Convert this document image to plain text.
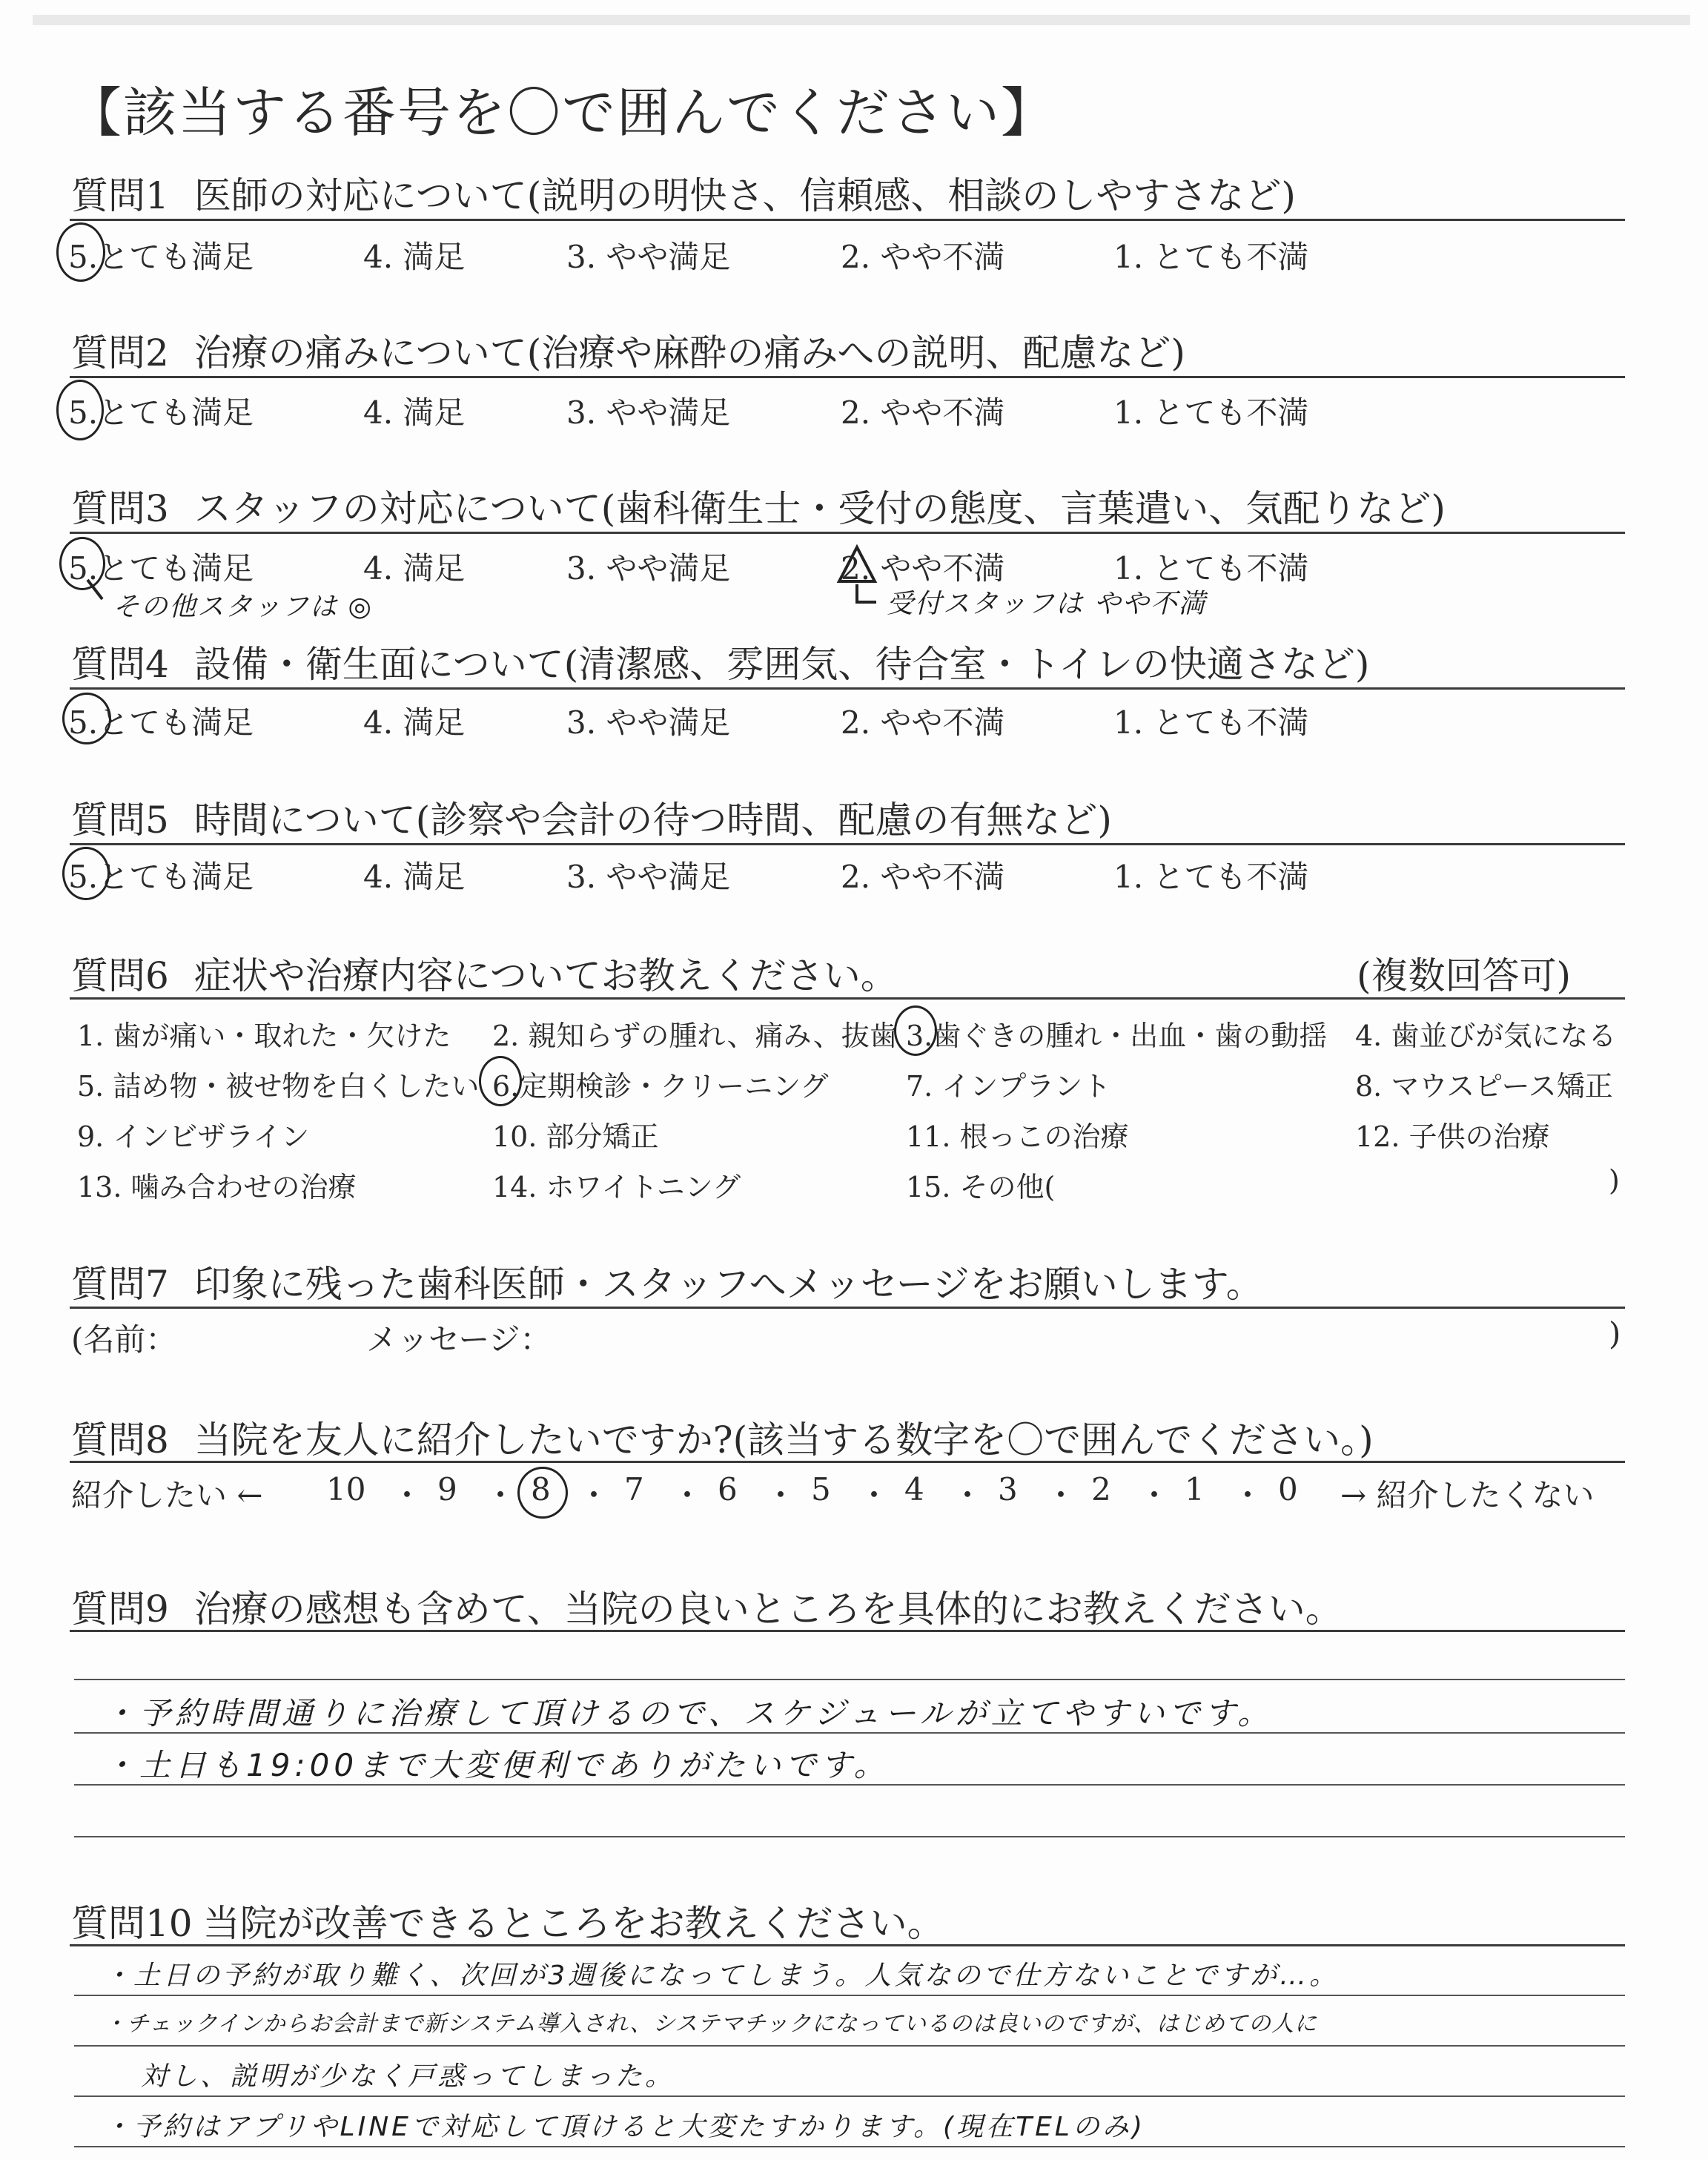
【該当する番号を〇で囲んでください】
質問1 医師の対応について(説明の明快さ、信頼感、相談のしやすさなど)
5.とても満足	4. 満足	3. やや満足	2. やや不満	1. とても不満
質問2 治療の痛みについて(治療や麻酔の痛みへの説明、配慮など)
5.とても満足	4. 満足	3. やや満足	2. やや不満	1. とても不満
質問3 スタッフの対応について(歯科衛生士・受付の態度、言葉遣い、気配りなど)
5.とても満足	4. 満足	3. やや満足	2. やや不満	1. とても不満
その他スタッフは ◎	受付スタッフは やや不満
質問4 設備・衛生面について(清潔感、雰囲気、待合室・トイレの快適さなど)
5.とても満足	4. 満足	3. やや満足	2. やや不満	1. とても不満
質問5 時間について(診察や会計の待つ時間、配慮の有無など)
5.とても満足	4. 満足	3. やや満足	2. やや不満	1. とても不満
質問6 症状や治療内容についてお教えください。	(複数回答可)
1. 歯が痛い・取れた・欠けた 2. 親知らずの腫れ、痛み、抜歯 3.歯ぐきの腫れ・出血・歯の動揺 4. 歯並びが気になる
5. 詰め物・被せ物を白くしたい 6.定期検診・クリーニング	7. インプラント	8. マウスピース矯正
9. インビザライン	10. 部分矯正	11. 根っこの治療	12. 子供の治療
13. 噛み合わせの治療	14. ホワイトニング	15. その他(	)
質問7 印象に残った歯科医師・スタッフへメッセージをお願いします。
(名前：	メッセージ：	)
質問8 当院を友人に紹介したいですか?(該当する数字を〇で囲んでください。)
紹介したい ← 10 ・ 9 ・ 8 ・ 7 ・ 6 ・ 5 ・ 4 ・ 3 ・ 2 ・ 1 ・ 0 → 紹介したくない
質問9 治療の感想も含めて、当院の良いところを具体的にお教えください。
・予約時間通りに治療して頂けるので、スケジュールが立てやすいです。
・土日も19:00まで大変便利でありがたいです。
質問10 当院が改善できるところをお教えください。
・土日の予約が取り難く、次回が3週後になってしまう。人気なので仕方ないことですが…。
・チェックインからお会計まで新システム導入され、システマチックになっているのは良いのですが、はじめての人に
対し、説明が少なく戸惑ってしまった。
・予約はアプリやLINEで対応して頂けると大変たすかります。(現在TELのみ)
